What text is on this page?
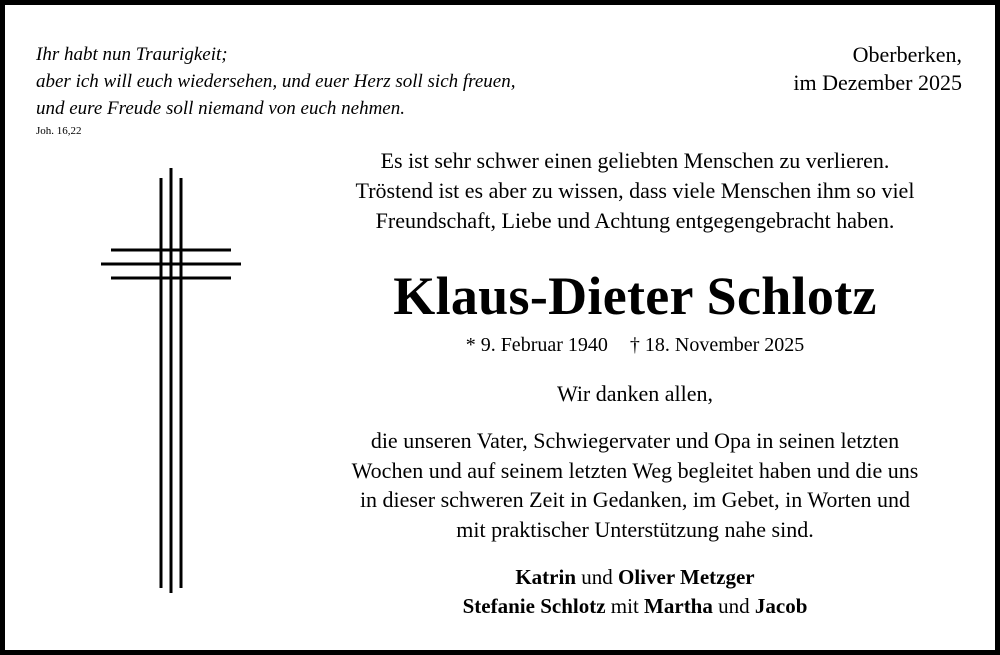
Ihr habt nun Traurigkeit;
aber ich will euch wiedersehen, und euer Herz soll sich freuen,
und eure Freude soll niemand von euch nehmen.
Joh. 16,22
Oberberken,
im Dezember 2025
Es ist sehr schwer einen geliebten Menschen zu verlieren.
Tröstend ist es aber zu wissen, dass viele Menschen ihm so viel
Freundschaft, Liebe und Achtung entgegengebracht haben.
Klaus-Dieter Schlotz
* 9. Februar 1940 † 18. November 2025
Wir danken allen,
die unseren Vater, Schwiegervater und Opa in seinen letzten
Wochen und auf seinem letzten Weg begleitet haben und die uns
in dieser schweren Zeit in Gedanken, im Gebet, in Worten und
mit praktischer Unterstützung nahe sind.
Katrin und Oliver Metzger
Stefanie Schlotz mit Martha und Jacob
